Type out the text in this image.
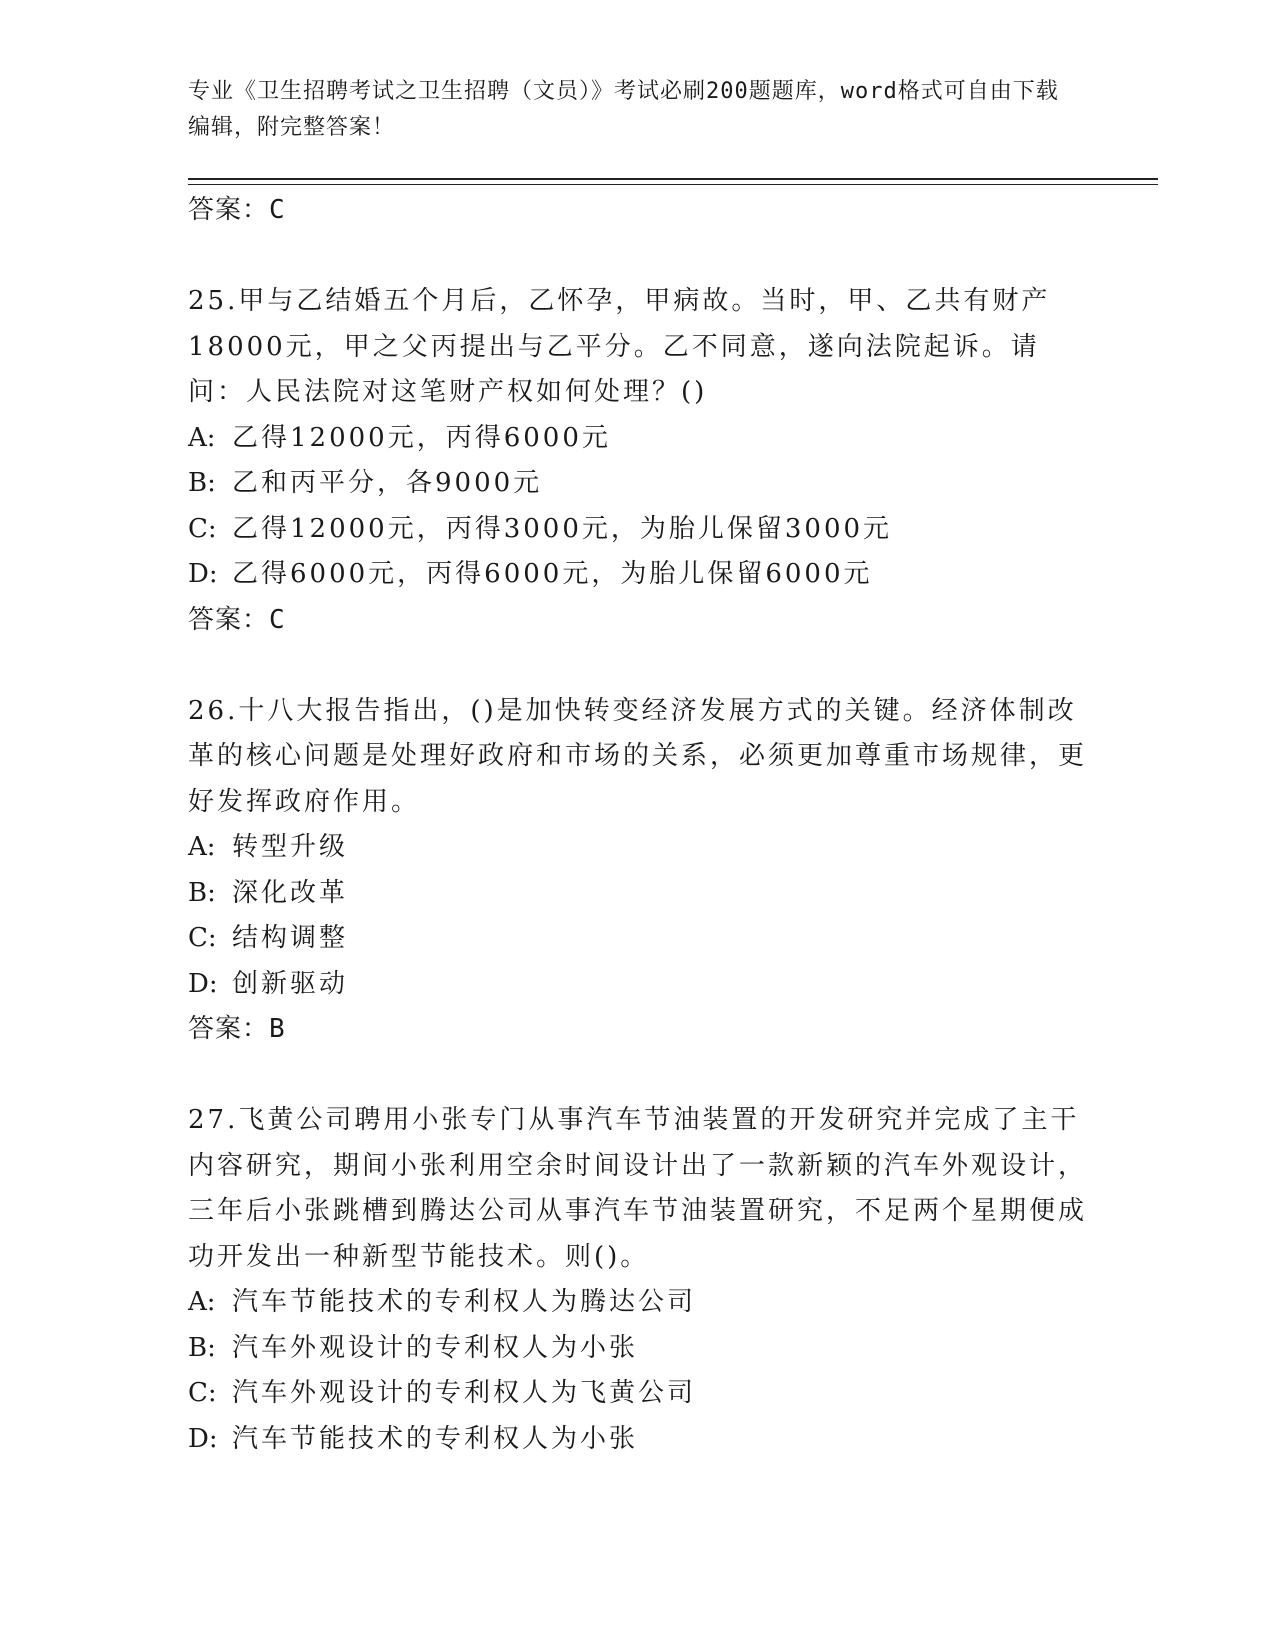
专业《卫生招聘考试之卫生招聘（文员）》考试必刷200题题库，word格式可自由下载编辑，附完整答案！
答案：C
25.甲与乙结婚五个月后，乙怀孕，甲病故。当时，甲、乙共有财产18000元，甲之父丙提出与乙平分。乙不同意，遂向法院起诉。请问：人民法院对这笔财产权如何处理？()
A: 乙得12000元，丙得6000元
B: 乙和丙平分，各9000元
C: 乙得12000元，丙得3000元，为胎儿保留3000元
D: 乙得6000元，丙得6000元，为胎儿保留6000元
答案：C
26.十八大报告指出，()是加快转变经济发展方式的关键。经济体制改革的核心问题是处理好政府和市场的关系，必须更加尊重市场规律，更好发挥政府作用。
A: 转型升级
B: 深化改革
C: 结构调整
D: 创新驱动
答案：B
27.飞黄公司聘用小张专门从事汽车节油装置的开发研究并完成了主干内容研究，期间小张利用空余时间设计出了一款新颖的汽车外观设计，三年后小张跳槽到腾达公司从事汽车节油装置研究，不足两个星期便成功开发出一种新型节能技术。则()。
A: 汽车节能技术的专利权人为腾达公司
B: 汽车外观设计的专利权人为小张
C: 汽车外观设计的专利权人为飞黄公司
D: 汽车节能技术的专利权人为小张
